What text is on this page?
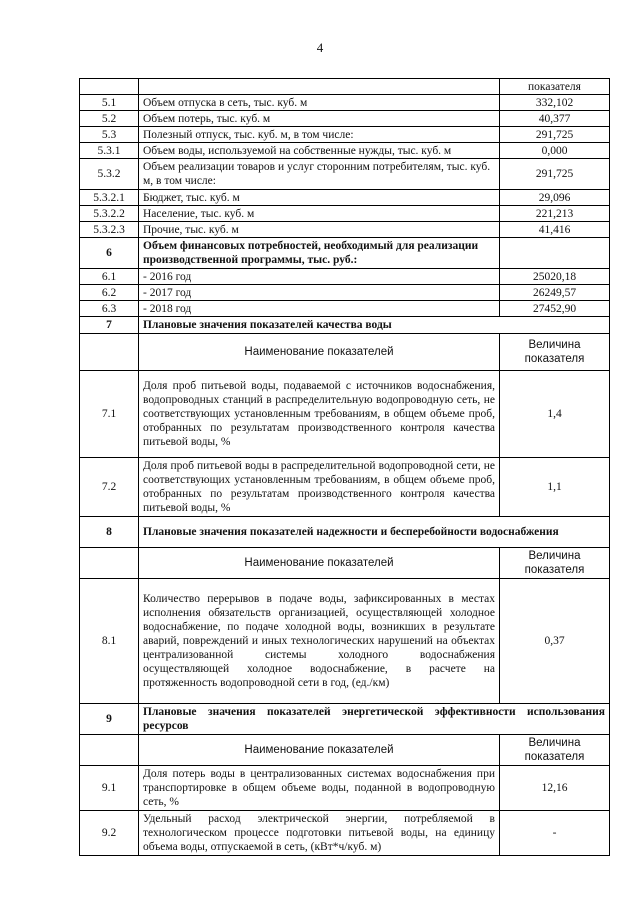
4
		показателя
5.1	Объем отпуска в сеть, тыс. куб. м	332,102
5.2	Объем потерь, тыс. куб. м	40,377
5.3	Полезный отпуск, тыс. куб. м, в том числе:	291,725
5.3.1	Объем воды, используемой на собственные нужды, тыс. куб. м	0,000
5.3.2	Объем реализации товаров и услуг сторонним потребителям, тыс. куб. м, в том числе:	291,725
5.3.2.1	Бюджет, тыс. куб. м	29,096
5.3.2.2	Население, тыс. куб. м	221,213
5.3.2.3	Прочие, тыс. куб. м	41,416
6	Объем финансовых потребностей, необходимый для реализации производственной программы, тыс. руб.:	
6.1	- 2016 год	25020,18
6.2	- 2017 год	26249,57
6.3	- 2018 год	27452,90
7	Плановые значения показателей качества воды	
	Наименование показателей	Величина показателя
7.1	Доля проб питьевой воды, подаваемой с источников водоснабжения, водопроводных станций в распределительную водопроводную сеть, не соответствующих установленным требованиям, в общем объеме проб, отобранных по результатам производственного контроля качества питьевой воды, %	1,4
7.2	Доля проб питьевой воды в распределительной водопроводной сети, не соответствующих установленным требованиям, в общем объеме проб, отобранных по результатам производственного контроля качества питьевой воды, %	1,1
8	Плановые значения показателей надежности и бесперебойности водоснабжения	
	Наименование показателей	Величина показателя
8.1	Количество перерывов в подаче воды, зафиксированных в местах исполнения обязательств организацией, осуществляющей холодное водоснабжение, по подаче холодной воды, возникших в результате аварий, повреждений и иных технологических нарушений на объектах централизованной системы холодного водоснабжения осуществляющей холодное водоснабжение, в расчете на протяженность водопроводной сети в год, (ед./км)	0,37
9	Плановые значения показателей энергетической эффективности использования ресурсов	
	Наименование показателей	Величина показателя
9.1	Доля потерь воды в централизованных системах водоснабжения при транспортировке в общем объеме воды, поданной в водопроводную сеть, %	12,16
9.2	Удельный расход электрической энергии, потребляемой в технологическом процессе подготовки питьевой воды, на единицу объема воды, отпускаемой в сеть, (кВт*ч/куб. м)	-
